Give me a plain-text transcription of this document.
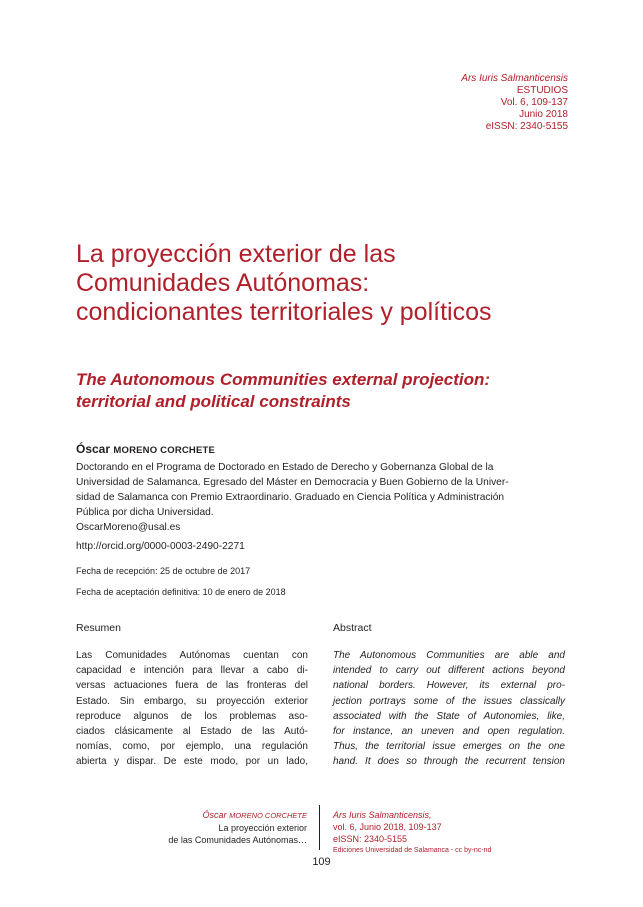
Ars Iuris Salmanticensis
ESTUDIOS
Vol. 6, 109-137
Junio 2018
eISSN: 2340-5155
La proyección exterior de las
Comunidades Autónomas:
condicionantes territoriales y políticos
The Autonomous Communities external projection:
territorial and political constraints
Óscar MORENO CORCHETE
Doctorando en el Programa de Doctorado en Estado de Derecho y Gobernanza Global de la
Universidad de Salamanca. Egresado del Máster en Democracia y Buen Gobierno de la Univer-
sidad de Salamanca con Premio Extraordinario. Graduado en Ciencia Política y Administración
Pública por dicha Universidad.
OscarMoreno@usal.es
http://orcid.org/0000-0003-2490-2271
Fecha de recepción: 25 de octubre de 2017
Fecha de aceptación definitiva: 10 de enero de 2018
Resumen	Abstract
Las Comunidades Autónomas cuentan con
capacidad e intención para llevar a cabo di-
versas actuaciones fuera de las fronteras del
Estado. Sin embargo, su proyección exterior
reproduce algunos de los problemas aso-
ciados clásicamente al Estado de las Autó-
nomías, como, por ejemplo, una regulación
abierta y dispar. De este modo, por un lado,
The Autonomous Communities are able and
intended to carry out different actions beyond
national borders. However, its external pro-
jection portrays some of the issues classically
associated with the State of Autonomies, like,
for instance, an uneven and open regulation.
Thus, the territorial issue emerges on the one
hand. It does so through the recurrent tension
Óscar MORENO CORCHETE
La proyección exterior
de las Comunidades Autónomas…
Ars Iuris Salmanticensis,
vol. 6, Junio 2018, 109-137
eISSN: 2340-5155
Ediciones Universidad de Salamanca - cc by-nc-nd
109
